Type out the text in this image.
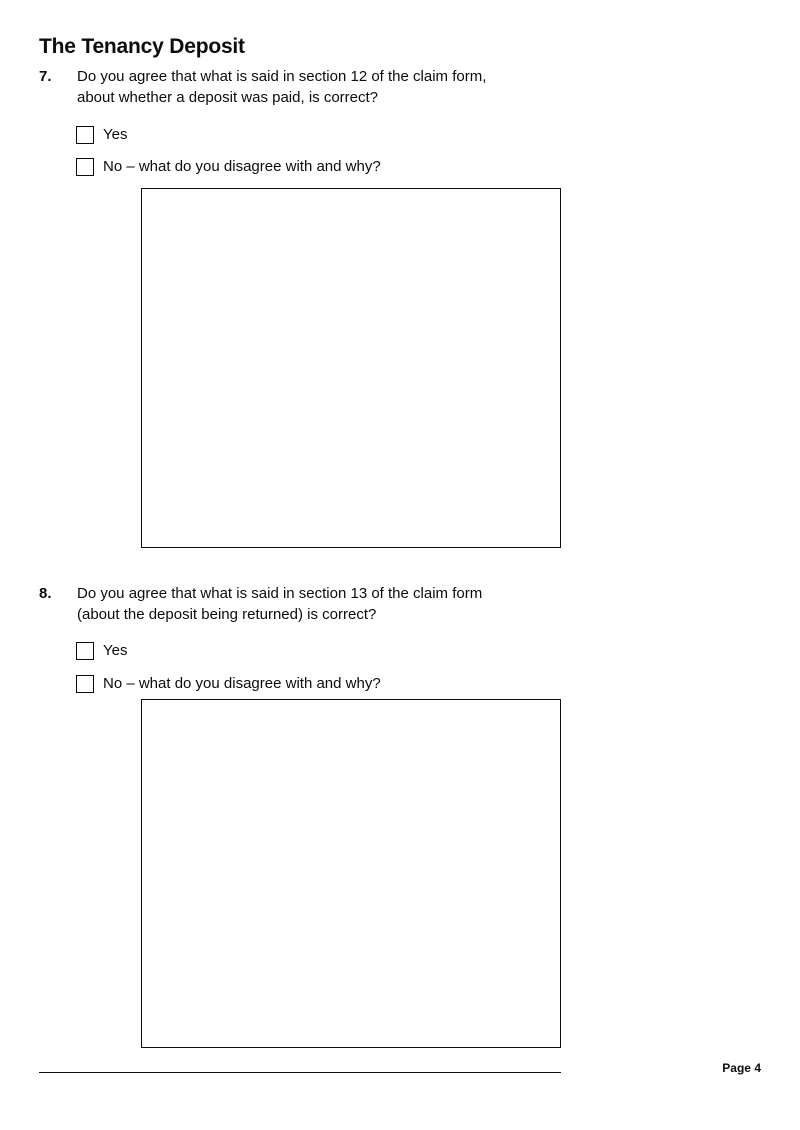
The Tenancy Deposit
7. Do you agree that what is said in section 12 of the claim form,
about whether a deposit was paid, is correct?
Yes
No – what do you disagree with and why?
8. Do you agree that what is said in section 13 of the claim form
(about the deposit being returned) is correct?
Yes
No – what do you disagree with and why?
Page 4
